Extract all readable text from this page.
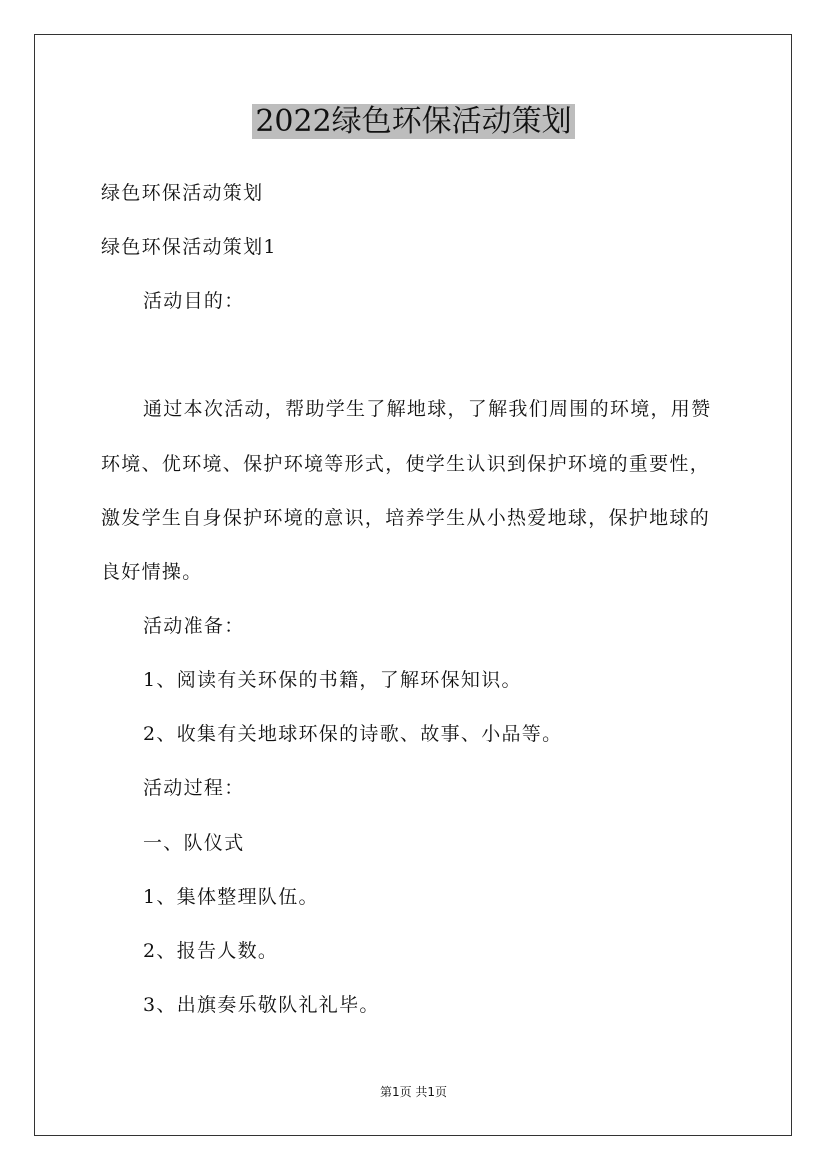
2022绿色环保活动策划
绿色环保活动策划
绿色环保活动策划1
活动目的：
通过本次活动，帮助学生了解地球，了解我们周围的环境，用赞
环境、优环境、保护环境等形式，使学生认识到保护环境的重要性，
激发学生自身保护环境的意识，培养学生从小热爱地球，保护地球的
良好情操。
活动准备：
1、阅读有关环保的书籍，了解环保知识。
2、收集有关地球环保的诗歌、故事、小品等。
活动过程：
一、队仪式
1、集体整理队伍。
2、报告人数。
3、出旗奏乐敬队礼礼毕。
第1页 共1页
